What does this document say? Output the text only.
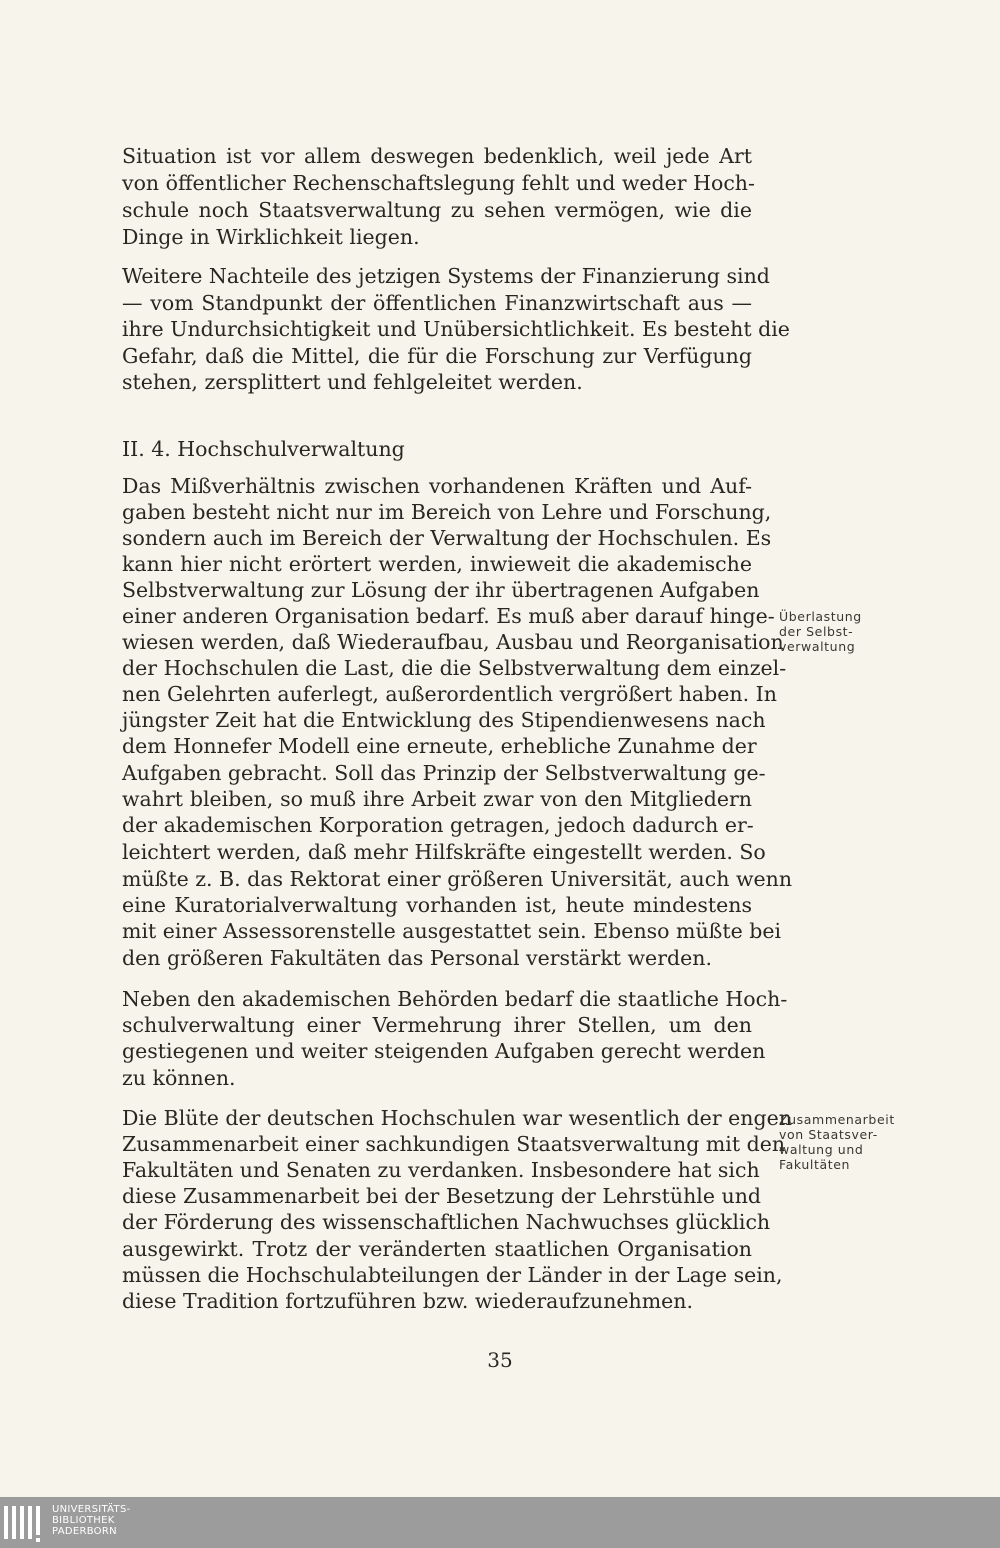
Situation ist vor allem deswegen bedenklich, weil jede Art
von öffentlicher Rechenschaftslegung fehlt und weder Hoch-
schule noch Staatsverwaltung zu sehen vermögen, wie die
Dinge in Wirklichkeit liegen.
Weitere Nachteile des jetzigen Systems der Finanzierung sind
— vom Standpunkt der öffentlichen Finanzwirtschaft aus —
ihre Undurchsichtigkeit und Unübersichtlichkeit. Es besteht die
Gefahr, daß die Mittel, die für die Forschung zur Verfügung
stehen, zersplittert und fehlgeleitet werden.
II. 4. Hochschulverwaltung
Das Mißverhältnis zwischen vorhandenen Kräften und Auf-
gaben besteht nicht nur im Bereich von Lehre und Forschung,
sondern auch im Bereich der Verwaltung der Hochschulen. Es
kann hier nicht erörtert werden, inwieweit die akademische
Selbstverwaltung zur Lösung der ihr übertragenen Aufgaben
einer anderen Organisation bedarf. Es muß aber darauf hinge-
wiesen werden, daß Wiederaufbau, Ausbau und Reorganisation
der Hochschulen die Last, die die Selbstverwaltung dem einzel-
nen Gelehrten auferlegt, außerordentlich vergrößert haben. In
jüngster Zeit hat die Entwicklung des Stipendienwesens nach
dem Honnefer Modell eine erneute, erhebliche Zunahme der
Aufgaben gebracht. Soll das Prinzip der Selbstverwaltung ge-
wahrt bleiben, so muß ihre Arbeit zwar von den Mitgliedern
der akademischen Korporation getragen, jedoch dadurch er-
leichtert werden, daß mehr Hilfskräfte eingestellt werden. So
müßte z. B. das Rektorat einer größeren Universität, auch wenn
eine Kuratorialverwaltung vorhanden ist, heute mindestens
mit einer Assessorenstelle ausgestattet sein. Ebenso müßte bei
den größeren Fakultäten das Personal verstärkt werden.
Neben den akademischen Behörden bedarf die staatliche Hoch-
schulverwaltung einer Vermehrung ihrer Stellen, um den
gestiegenen und weiter steigenden Aufgaben gerecht werden
zu können.
Die Blüte der deutschen Hochschulen war wesentlich der engen
Zusammenarbeit einer sachkundigen Staatsverwaltung mit den
Fakultäten und Senaten zu verdanken. Insbesondere hat sich
diese Zusammenarbeit bei der Besetzung der Lehrstühle und
der Förderung des wissenschaftlichen Nachwuchses glücklich
ausgewirkt. Trotz der veränderten staatlichen Organisation
müssen die Hochschulabteilungen der Länder in der Lage sein,
diese Tradition fortzuführen bzw. wiederaufzunehmen.
Überlastung
der Selbst-
verwaltung
Zusammenarbeit
von Staatsver-
waltung und
Fakultäten
35
UNIVERSITÄTS-
BIBLIOTHEK
PADERBORN
